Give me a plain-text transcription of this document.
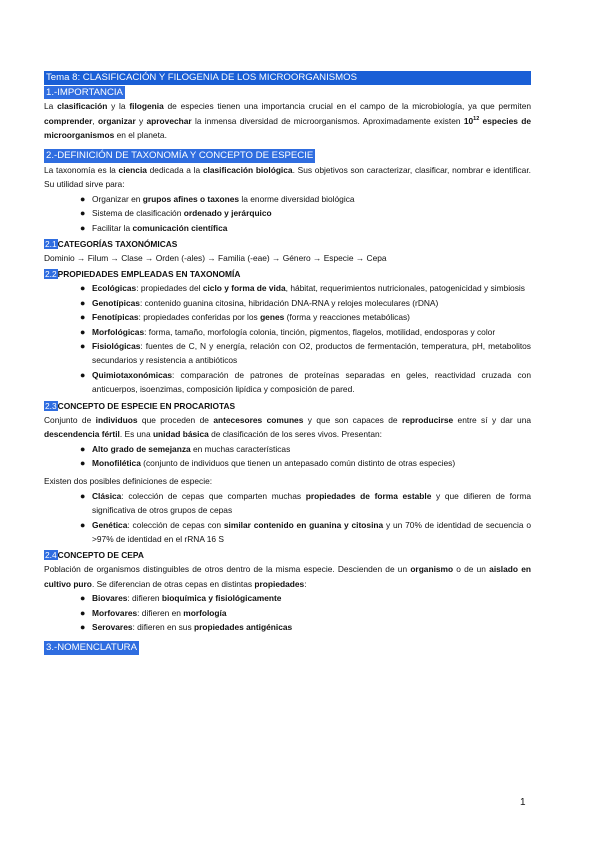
Tema 8: CLASIFICACIÓN Y FILOGENIA DE LOS MICROORGANISMOS
1.-IMPORTANCIA

La clasificación y la filogenia de especies tienen una importancia crucial en el campo de la microbiología, ya que permiten comprender, organizar y aprovechar la inmensa diversidad de microorganismos. Aproximadamente existen $10^{12}$ especies de microorganismos en el planeta.

2.-DEFINICIÓN DE TAXONOMÍA Y CONCEPTO DE ESPECIE

La taxonomía es la ciencia dedicada a la clasificación biológica. Sus objetivos son caracterizar, clasificar, nombrar e identificar. Su utilidad sirve para:

● Organizar en grupos afines o taxones la enorme diversidad biológica
● Sistema de clasificación ordenado y jerárquico
● Facilitar la comunicación científica
2.1CATEGORÍAS TAXONÓMICAS

Dominio → Filum → Clase → Orden (-ales) → Familia (-eae) → Género → Especie → Cepa

2.2PROPIEDADES EMPLEADAS EN TAXONOMÍA
● Ecológicas: propiedades del ciclo y forma de vida, hábitat, requerimientos nutricionales, patogenicidad y simbiosis
● Genotípicas: contenido guanina citosina, hibridación DNA-RNA y relojes moleculares (rDNA)
● Fenotípicas: propiedades conferidas por los genes (forma y reacciones metabólicas)
● Morfológicas: forma, tamaño, morfología colonia, tinción, pigmentos, flagelos, motilidad, endosporas y color
● Fisiológicas: fuentes de C, N y energía, relación con O2, productos de fermentación, temperatura, pH, metabolitos secundarios y resistencia a antibióticos
● Quimiotaxonómicas: comparación de patrones de proteínas separadas en geles, reactividad cruzada con anticuerpos, isoenzimas, composición lipídica y composición de pared.
2.3CONCEPTO DE ESPECIE EN PROCARIOTAS

Conjunto de individuos que proceden de antecesores comunes y que son capaces de reproducirse entre sí y dar una descendencia fértil. Es una unidad básica de clasificación de los seres vivos. Presentan:

● Alto grado de semejanza en muchas características
● Monofilética (conjunto de individuos que tienen un antepasado común distinto de otras especies)

Existen dos posibles definiciones de especie:

● Clásica: colección de cepas que comparten muchas propiedades de forma estable y que difieren de forma significativa de otros grupos de cepas
● Genética: colección de cepas con similar contenido en guanina y citosina y un 70% de identidad de secuencia o >97% de identidad en el rRNA 16 S
2.4CONCEPTO DE CEPA

Población de organismos distinguibles de otros dentro de la misma especie. Descienden de un organismo o de un aislado en cultivo puro. Se diferencian de otras cepas en distintas propiedades:

● Biovares: difieren bioquímica y fisiológicamente
● Morfovares: difieren en morfología
● Serovares: difieren en sus propiedades antigénicas
3.-NOMENCLATURA
1
